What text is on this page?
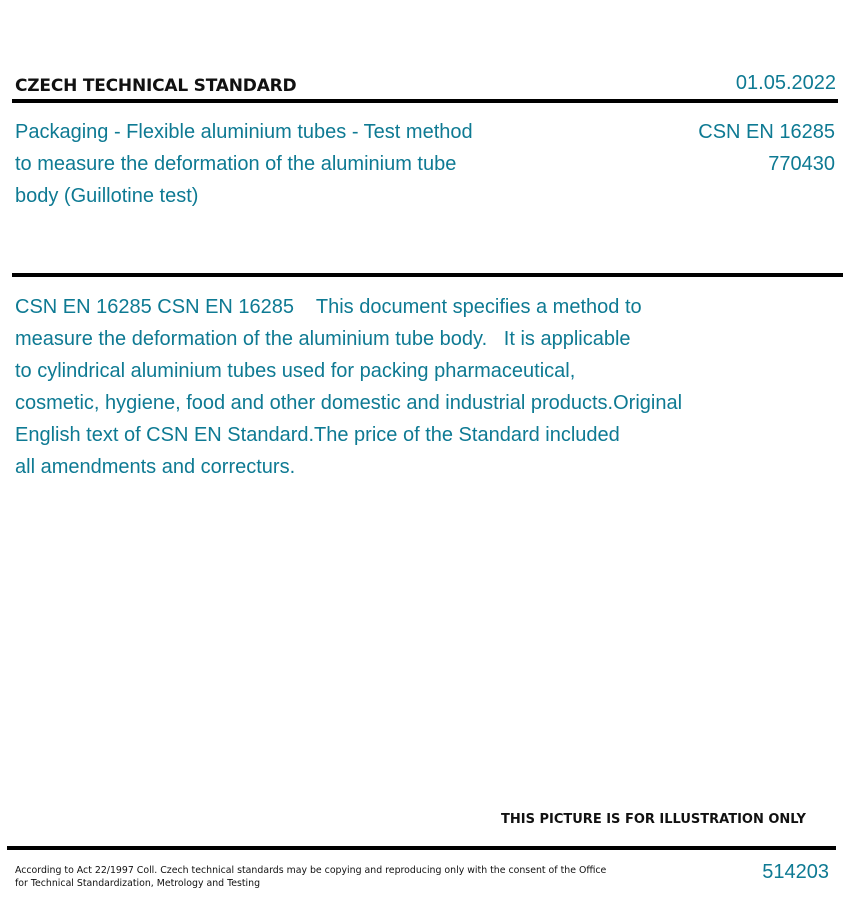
CZECH TECHNICAL STANDARD	01.05.2022
Packaging - Flexible aluminium tubes - Test method to measure the deformation of the aluminium tube body (Guillotine test)
CSN EN 16285
770430
CSN EN 16285 CSN EN 16285    This document specifies a method to
measure the deformation of the aluminium tube body.   It is applicable
to cylindrical aluminium tubes used for packing pharmaceutical,
cosmetic, hygiene, food and other domestic and industrial products.Original
English text of CSN EN Standard.The price of the Standard included
all amendments and correcturs.
THIS PICTURE IS FOR ILLUSTRATION ONLY
According to Act 22/1997 Coll. Czech technical standards may be copying and reproducing only with the consent of the Office
for Technical Standardization, Metrology and Testing
514203
